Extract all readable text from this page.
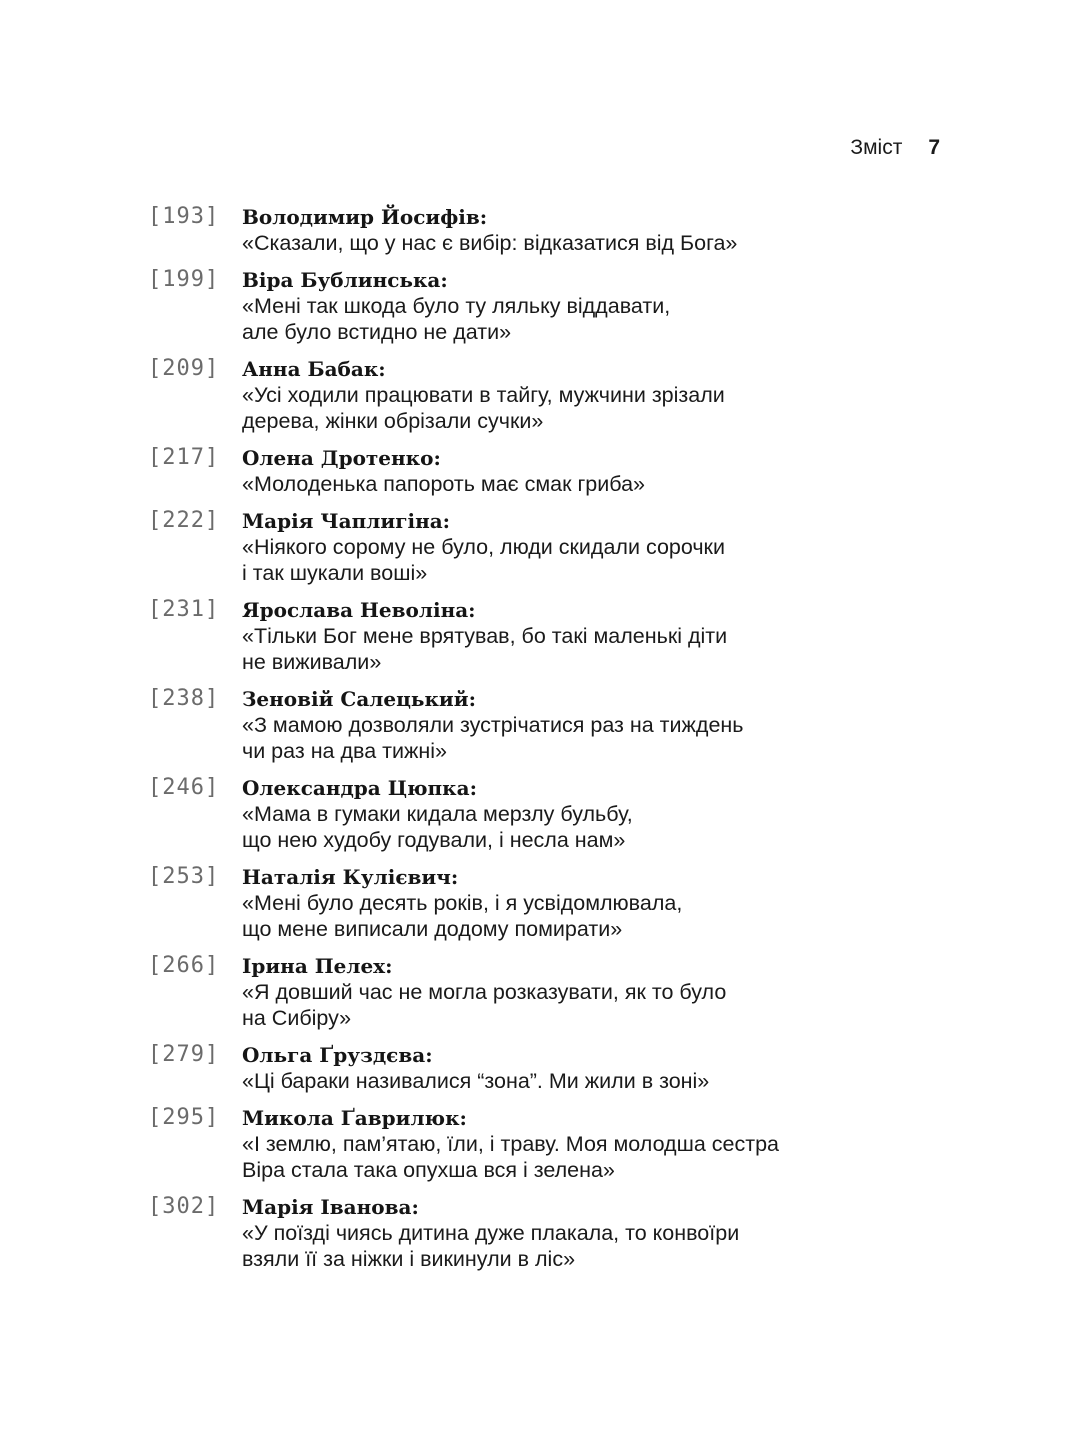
Зміст 7
[193] Володимир Йосифів:
«Сказали, що у нас є вибір: відказатися від Бога»
[199] Віра Бублинська:
«Мені так шкода було ту ляльку віддавати,
але було встидно не дати»
[209] Анна Бабак:
«Усі ходили працювати в тайгу, мужчини зрізали
дерева, жінки обрізали сучки»
[217] Олена Дротенко:
«Молоденька папороть має смак гриба»
[222] Марія Чаплигіна:
«Ніякого сорому не було, люди скидали сорочки
і так шукали воші»
[231] Ярослава Неволіна:
«Тільки Бог мене врятував, бо такі маленькі діти
не виживали»
[238] Зеновій Салецький:
«З мамою дозволяли зустрічатися раз на тиждень
чи раз на два тижні»
[246] Олександра Цюпка:
«Мама в гумаки кидала мерзлу бульбу,
що нею худобу годували, і несла нам»
[253] Наталія Кулієвич:
«Мені було десять років, і я усвідомлювала,
що мене виписали додому помирати»
[266] Ірина Пелех:
«Я довший час не могла розказувати, як то було
на Сибіру»
[279] Ольга Ґруздєва:
«Ці бараки називалися “зона”. Ми жили в зоні»
[295] Микола Ґаврилюк:
«І землю, пам’ятаю, їли, і траву. Моя молодша сестра
Віра стала така опухша вся і зелена»
[302] Марія Іванова:
«У поїзді чиясь дитина дуже плакала, то конвоїри
взяли її за ніжки і викинули в ліс»
